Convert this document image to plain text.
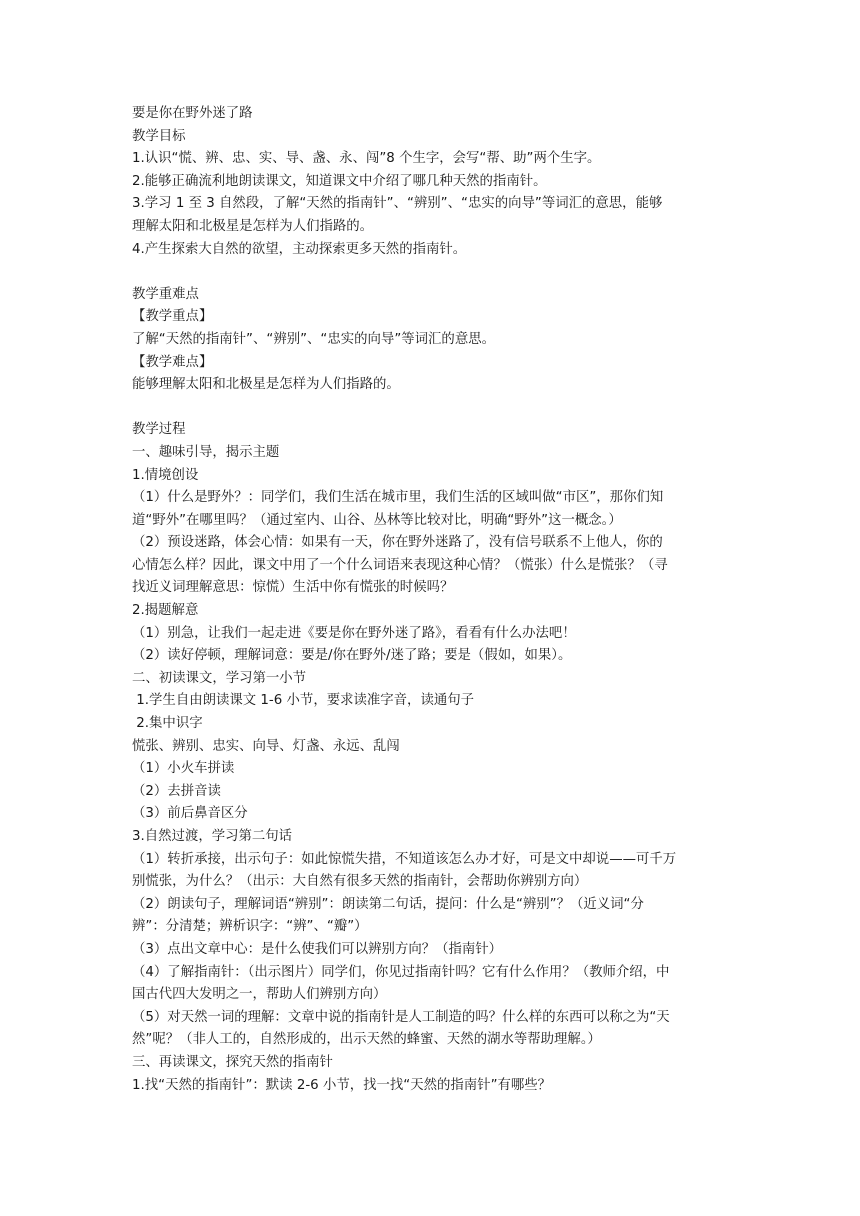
要是你在野外迷了路
教学目标
1.认识“慌、辨、忠、实、导、盏、永、闯”8 个生字，会写“帮、助”两个生字。
2.能够正确流利地朗读课文，知道课文中介绍了哪几种天然的指南针。
3.学习 1 至 3 自然段，了解“天然的指南针”、“辨别”、“忠实的向导”等词汇的意思，能够
理解太阳和北极星是怎样为人们指路的。
4.产生探索大自然的欲望，主动探索更多天然的指南针。
教学重难点
【教学重点】
了解“天然的指南针”、“辨别”、“忠实的向导”等词汇的意思。
【教学难点】
能够理解太阳和北极星是怎样为人们指路的。
教学过程
一、趣味引导，揭示主题
1.情境创设
（1）什么是野外？：同学们，我们生活在城市里，我们生活的区域叫做“市区”，那你们知
道“野外”在哪里吗？（通过室内、山谷、丛林等比较对比，明确“野外”这一概念。）
（2）预设迷路，体会心情：如果有一天，你在野外迷路了，没有信号联系不上他人，你的
心情怎么样？因此，课文中用了一个什么词语来表现这种心情？（慌张）什么是慌张？（寻
找近义词理解意思：惊慌）生活中你有慌张的时候吗？
2.揭题解意
（1）别急，让我们一起走进《要是你在野外迷了路》，看看有什么办法吧！
（2）读好停顿，理解词意：要是/你在野外/迷了路；要是（假如，如果）。
二、初读课文，学习第一小节
1.学生自由朗读课文 1-6 小节，要求读准字音，读通句子
2.集中识字
慌张、辨别、忠实、向导、灯盏、永远、乱闯
（1）小火车拼读
（2）去拼音读
（3）前后鼻音区分
3.自然过渡，学习第二句话
（1）转折承接，出示句子：如此惊慌失措，不知道该怎么办才好，可是文中却说——可千万
别慌张，为什么？（出示：大自然有很多天然的指南针，会帮助你辨别方向）
（2）朗读句子，理解词语“辨别”：朗读第二句话，提问：什么是“辨别”？（近义词“分
辨”：分清楚；辨析识字：“辨”、“瓣”）
（3）点出文章中心：是什么使我们可以辨别方向？（指南针）
（4）了解指南针：（出示图片）同学们，你见过指南针吗？它有什么作用？（教师介绍，中
国古代四大发明之一，帮助人们辨别方向）
（5）对天然一词的理解：文章中说的指南针是人工制造的吗？什么样的东西可以称之为“天
然”呢？（非人工的，自然形成的，出示天然的蜂蜜、天然的湖水等帮助理解。）
三、再读课文，探究天然的指南针
1.找“天然的指南针”：默读 2-6 小节，找一找“天然的指南针”有哪些？
